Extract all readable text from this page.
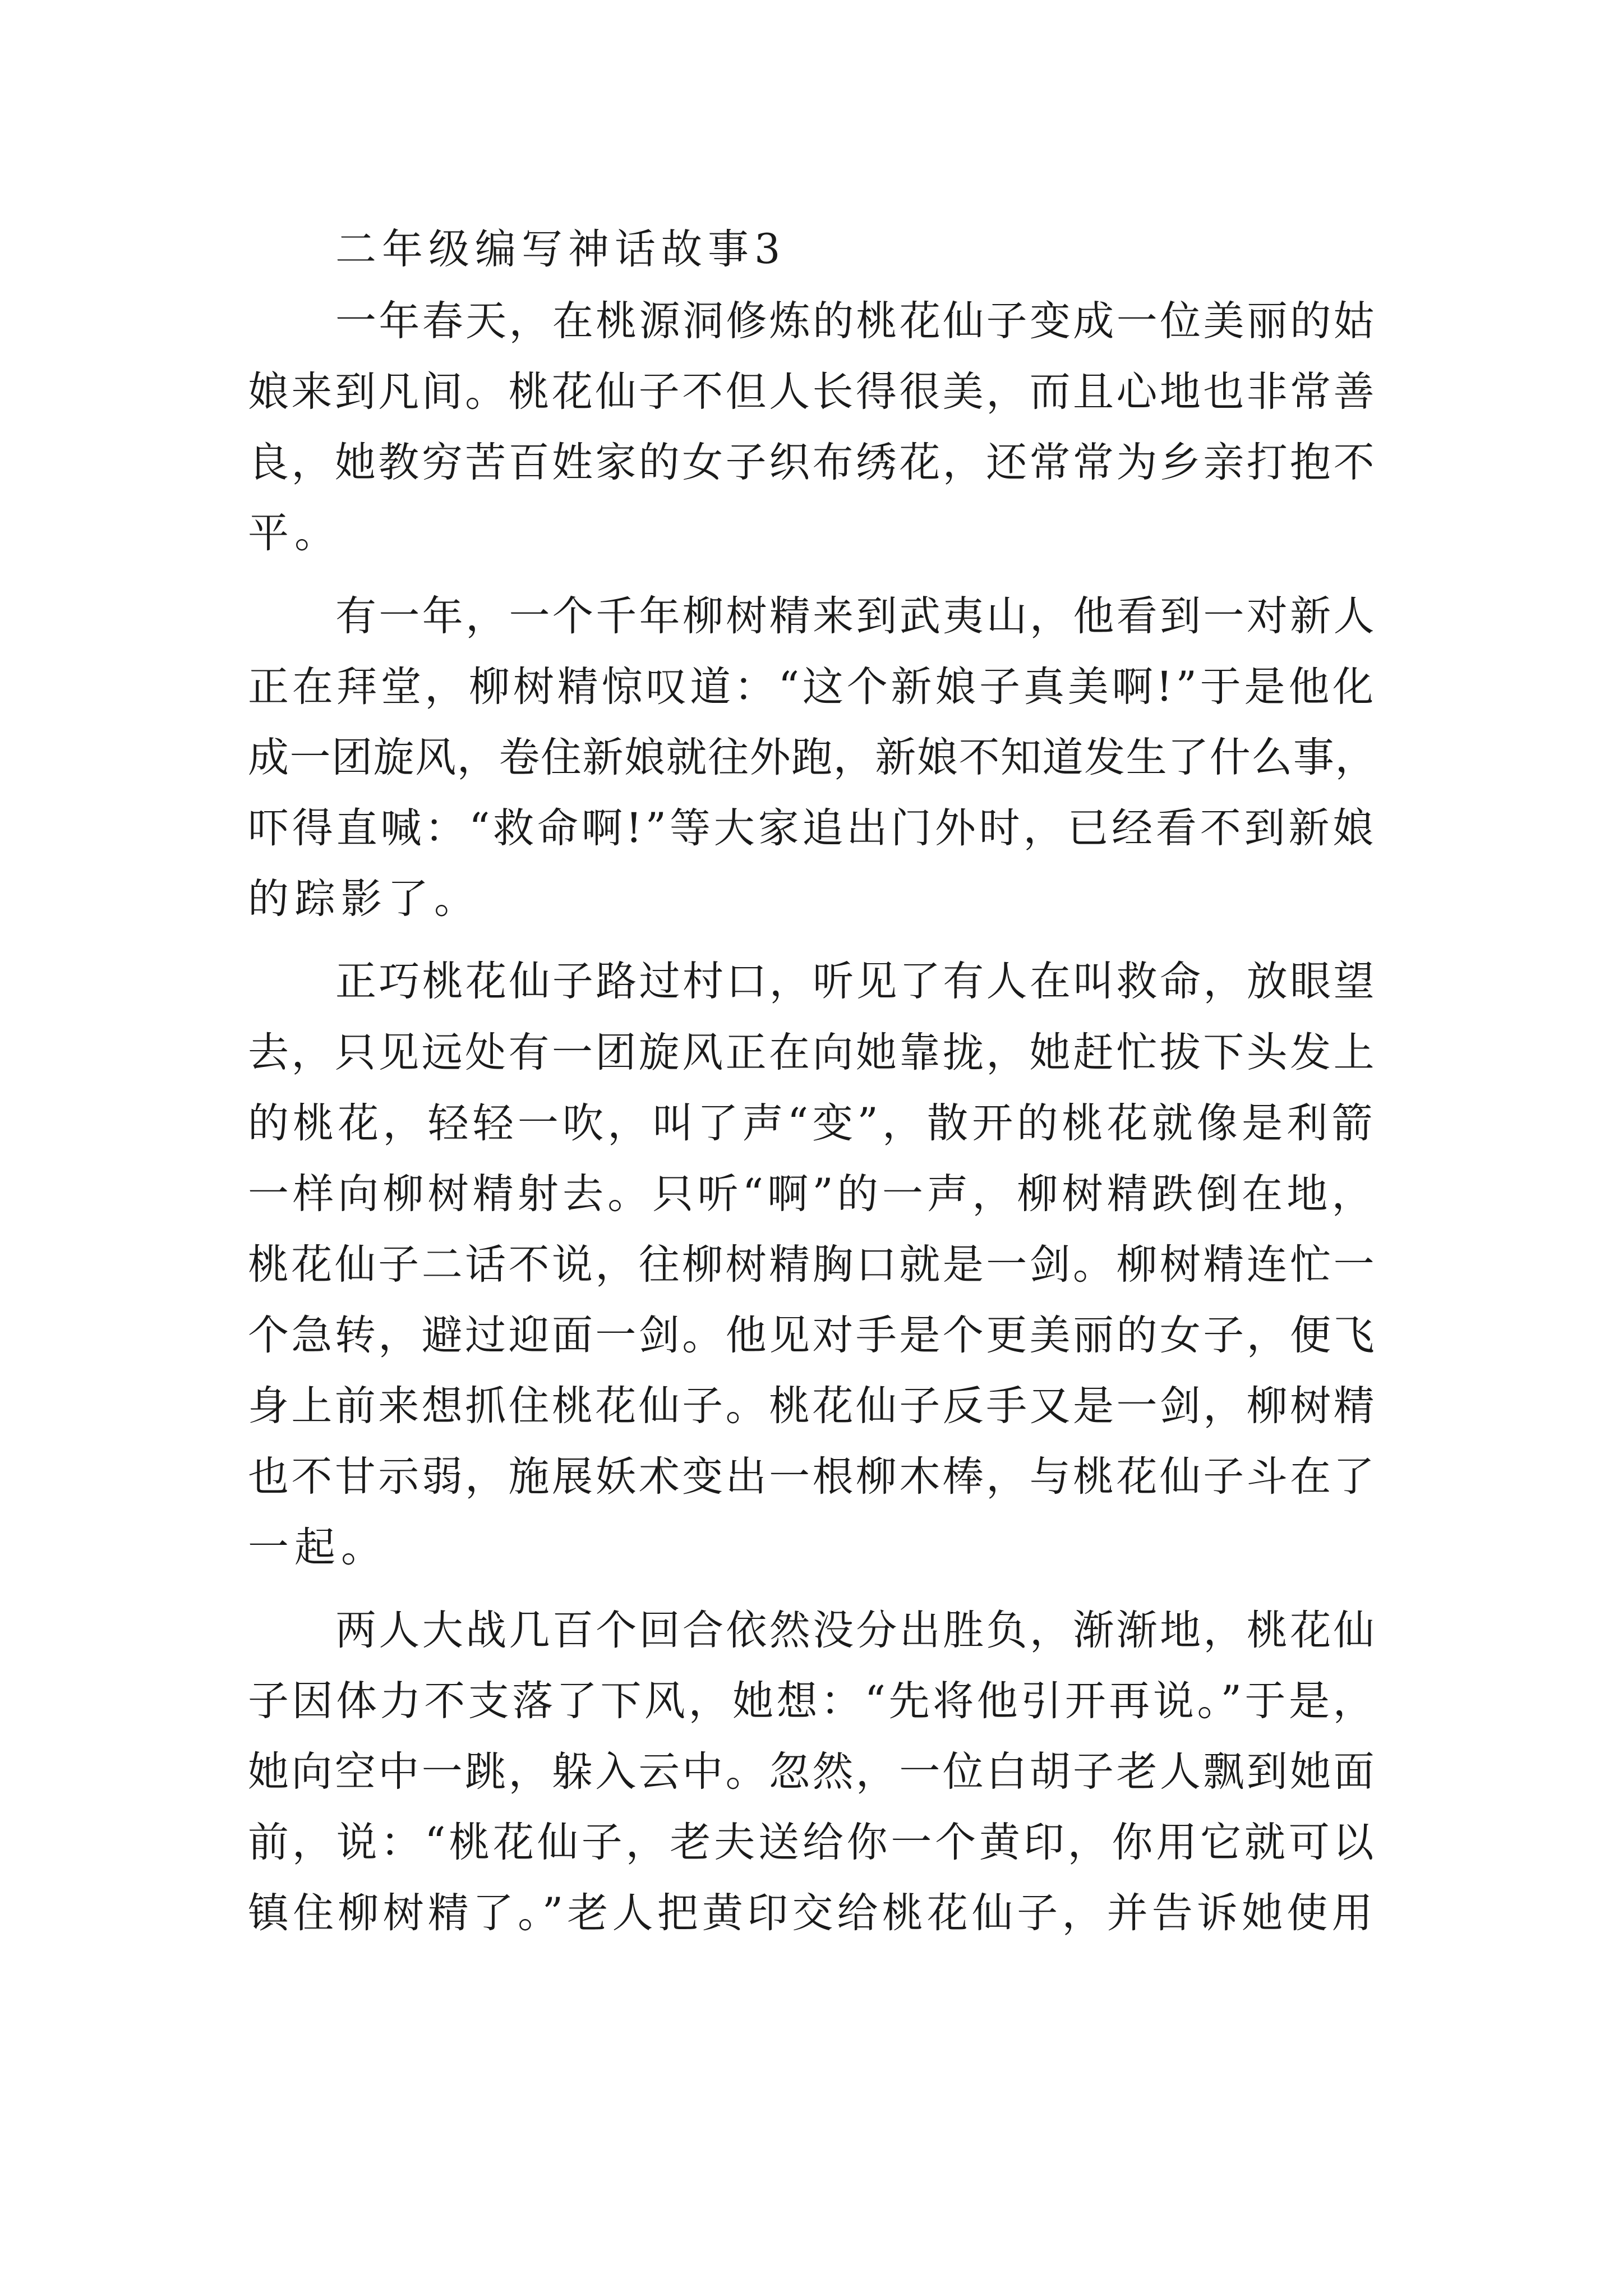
二年级编写神话故事3
一年春天，在桃源洞修炼的桃花仙子变成一位美丽的姑
娘来到凡间。桃花仙子不但人长得很美，而且心地也非常善
良，她教穷苦百姓家的女子织布绣花，还常常为乡亲打抱不
平。
有一年，一个千年柳树精来到武夷山，他看到一对新人
正在拜堂，柳树精惊叹道：“这个新娘子真美啊!”于是他化
成一团旋风，卷住新娘就往外跑，新娘不知道发生了什么事，
吓得直喊：“救命啊!”等大家追出门外时，已经看不到新娘
的踪影了。
正巧桃花仙子路过村口，听见了有人在叫救命，放眼望
去，只见远处有一团旋风正在向她靠拢，她赶忙拔下头发上
的桃花，轻轻一吹，叫了声“变”，散开的桃花就像是利箭
一样向柳树精射去。只听“啊”的一声，柳树精跌倒在地，
桃花仙子二话不说，往柳树精胸口就是一剑。柳树精连忙一
个急转，避过迎面一剑。他见对手是个更美丽的女子，便飞
身上前来想抓住桃花仙子。桃花仙子反手又是一剑，柳树精
也不甘示弱，施展妖术变出一根柳木棒，与桃花仙子斗在了
一起。
两人大战几百个回合依然没分出胜负，渐渐地，桃花仙
子因体力不支落了下风，她想：“先将他引开再说。”于是，
她向空中一跳，躲入云中。忽然，一位白胡子老人飘到她面
前，说：“桃花仙子，老夫送给你一个黄印，你用它就可以
镇住柳树精了。”老人把黄印交给桃花仙子，并告诉她使用
